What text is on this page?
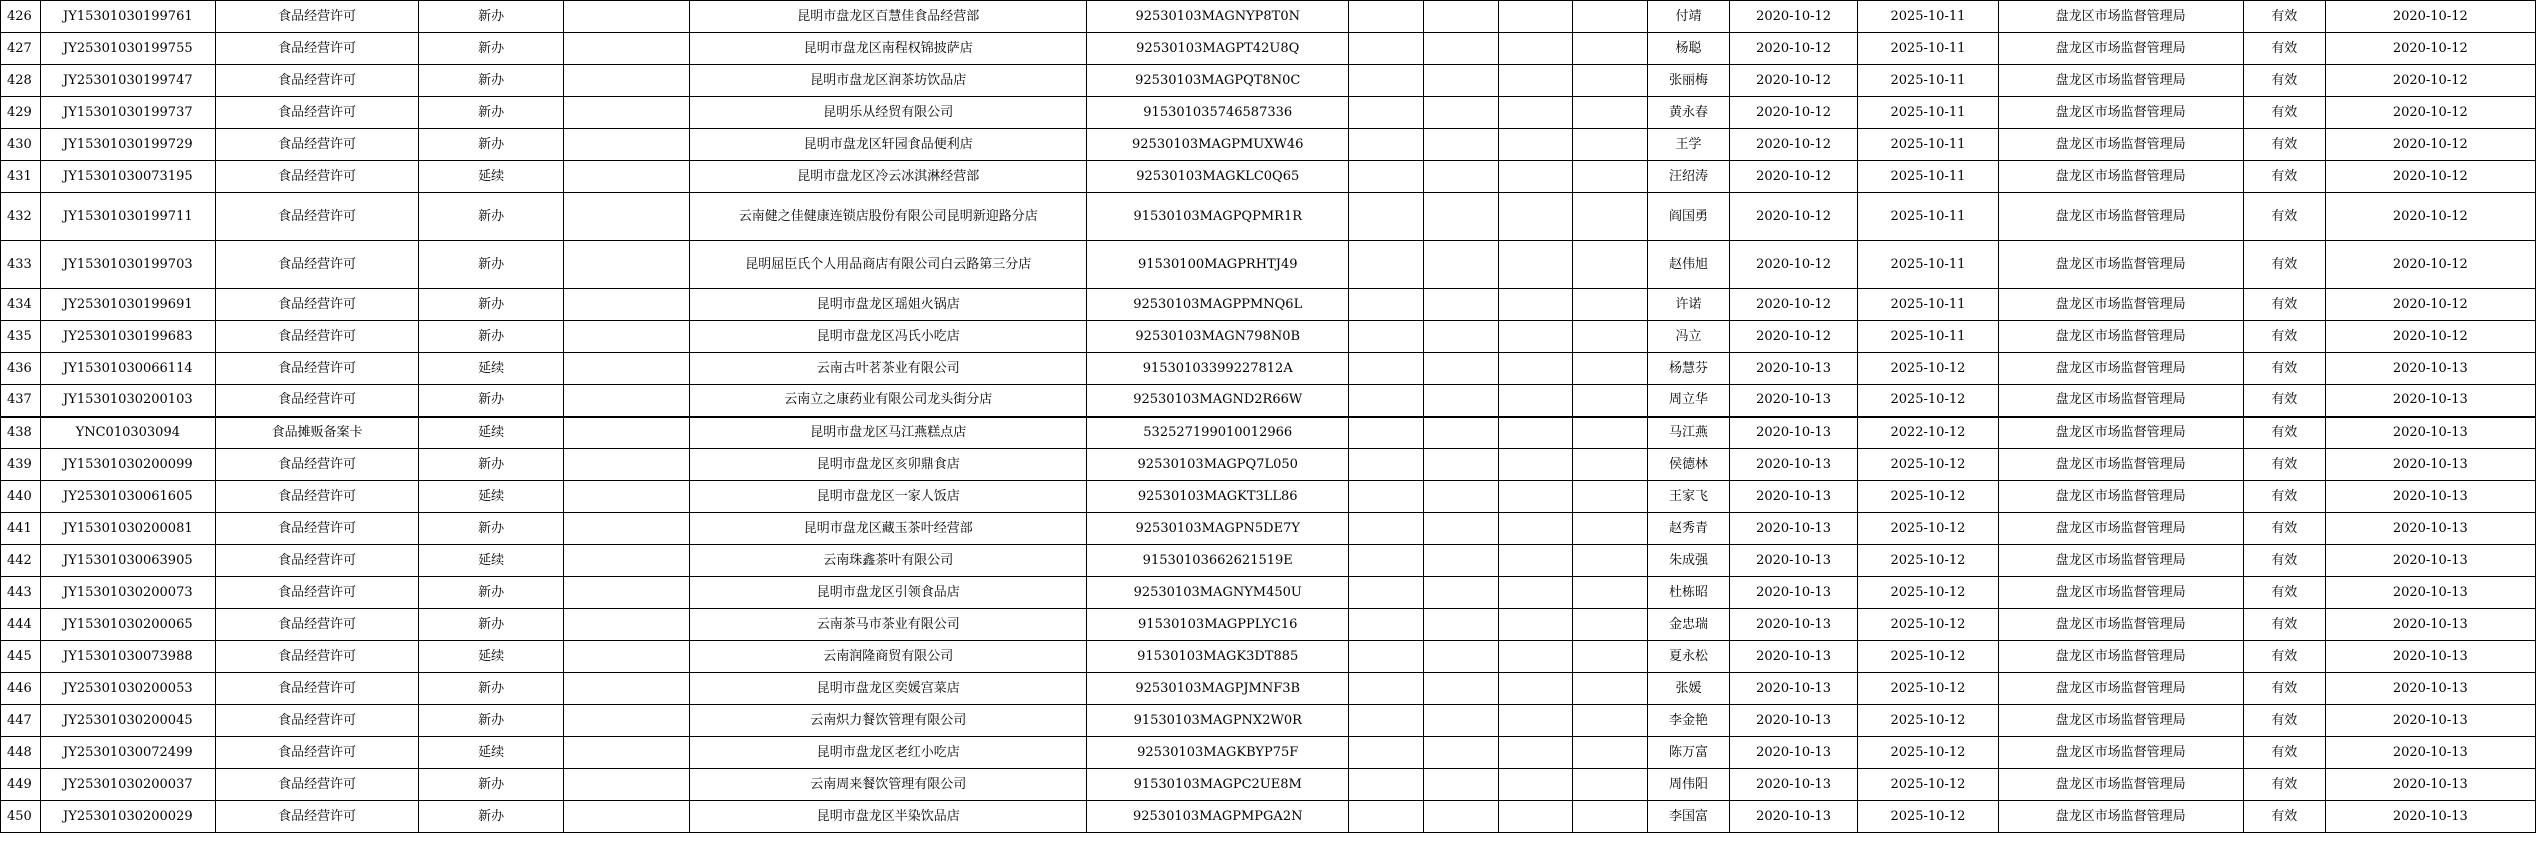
426	JY15301030199761	食品经营许可	新办		昆明市盘龙区百慧佳食品经营部	92530103MAGNYP8T0N					付靖	2020-10-12	2025-10-11	盘龙区市场监督管理局	有效	2020-10-12
427	JY25301030199755	食品经营许可	新办		昆明市盘龙区南程权锦披萨店	92530103MAGPT42U8Q					杨聪	2020-10-12	2025-10-11	盘龙区市场监督管理局	有效	2020-10-12
428	JY25301030199747	食品经营许可	新办		昆明市盘龙区润茶坊饮品店	92530103MAGPQT8N0C					张丽梅	2020-10-12	2025-10-11	盘龙区市场监督管理局	有效	2020-10-12
429	JY15301030199737	食品经营许可	新办		昆明乐从经贸有限公司	91530103574658733​6					黄永春	2020-10-12	2025-10-11	盘龙区市场监督管理局	有效	2020-10-12
430	JY15301030199729	食品经营许可	新办		昆明市盘龙区轩园食品便利店	92530103MAGPMUXW46					王学	2020-10-12	2025-10-11	盘龙区市场监督管理局	有效	2020-10-12
431	JY15301030073195	食品经营许可	延续		昆明市盘龙区冷云冰淇淋经营部	92530103MAGKLC0Q65					汪绍涛	2020-10-12	2025-10-11	盘龙区市场监督管理局	有效	2020-10-12
432	JY15301030199711	食品经营许可	新办		云南健之佳健康连锁店股份有限公司昆明新迎路分店	91530103MAGPQPMR1R					阎国勇	2020-10-12	2025-10-11	盘龙区市场监督管理局	有效	2020-10-12
433	JY15301030199703	食品经营许可	新办		昆明屈臣氏个人用品商店有限公司白云路第三分店	91530100MAGPRHTJ49					赵伟旭	2020-10-12	2025-10-11	盘龙区市场监督管理局	有效	2020-10-12
434	JY25301030199691	食品经营许可	新办		昆明市盘龙区瑶姐火锅店	92530103MAGPPMNQ6L					许诺	2020-10-12	2025-10-11	盘龙区市场监督管理局	有效	2020-10-12
435	JY25301030199683	食品经营许可	新办		昆明市盘龙区冯氏小吃店	92530103MAGN798N0B					冯立	2020-10-12	2025-10-11	盘龙区市场监督管理局	有效	2020-10-12
436	JY15301030066114	食品经营许可	延续		云南古叶茗茶业有限公司	91530103399227812A					杨慧芬	2020-10-13	2025-10-12	盘龙区市场监督管理局	有效	2020-10-13
437	JY15301030200103	食品经营许可	新办		云南立之康药业有限公司龙头街分店	92530103MAGND2R66W					周立华	2020-10-13	2025-10-12	盘龙区市场监督管理局	有效	2020-10-13
438	YNC010303094	食品摊贩备案卡	延续		昆明市盘龙区马江燕糕点店	532527199010012966					马江燕	2020-10-13	2022-10-12	盘龙区市场监督管理局	有效	2020-10-13
439	JY15301030200099	食品经营许可	新办		昆明市盘龙区亥卯鼎食店	92530103MAGPQ7L050					侯德林	2020-10-13	2025-10-12	盘龙区市场监督管理局	有效	2020-10-13
440	JY25301030061605	食品经营许可	延续		昆明市盘龙区一家人饭店	92530103MAGKT3LL86					王家飞	2020-10-13	2025-10-12	盘龙区市场监督管理局	有效	2020-10-13
441	JY15301030200081	食品经营许可	新办		昆明市盘龙区藏玉茶叶经营部	92530103MAGPN5DE7Y					赵秀青	2020-10-13	2025-10-12	盘龙区市场监督管理局	有效	2020-10-13
442	JY15301030063905	食品经营许可	延续		云南珠鑫茶叶有限公司	91530103662621519E					朱成强	2020-10-13	2025-10-12	盘龙区市场监督管理局	有效	2020-10-13
443	JY15301030200073	食品经营许可	新办		昆明市盘龙区引领食品店	92530103MAGNYM450U					杜栋昭	2020-10-13	2025-10-12	盘龙区市场监督管理局	有效	2020-10-13
444	JY15301030200065	食品经营许可	新办		云南茶马市茶业有限公司	91530103MAGPPLYC16					金忠瑞	2020-10-13	2025-10-12	盘龙区市场监督管理局	有效	2020-10-13
445	JY15301030073988	食品经营许可	延续		云南润隆商贸有限公司	91530103MAGK3DT885					夏永松	2020-10-13	2025-10-12	盘龙区市场监督管理局	有效	2020-10-13
446	JY25301030200053	食品经营许可	新办		昆明市盘龙区奕媛宫菜店	92530103MAGPJMNF3B					张媛	2020-10-13	2025-10-12	盘龙区市场监督管理局	有效	2020-10-13
447	JY25301030200045	食品经营许可	新办		云南炽力餐饮管理有限公司	91530103MAGPNX2W0R					李金艳	2020-10-13	2025-10-12	盘龙区市场监督管理局	有效	2020-10-13
448	JY25301030072499	食品经营许可	延续		昆明市盘龙区老红小吃店	92530103MAGKBYP75F					陈万富	2020-10-13	2025-10-12	盘龙区市场监督管理局	有效	2020-10-13
449	JY25301030200037	食品经营许可	新办		云南周来餐饮管理有限公司	91530103MAGPC2UE8M					周伟阳	2020-10-13	2025-10-12	盘龙区市场监督管理局	有效	2020-10-13
450	JY25301030200029	食品经营许可	新办		昆明市盘龙区半染饮品店	92530103MAGPMPGA2N					李国富	2020-10-13	2025-10-12	盘龙区市场监督管理局	有效	2020-10-13
